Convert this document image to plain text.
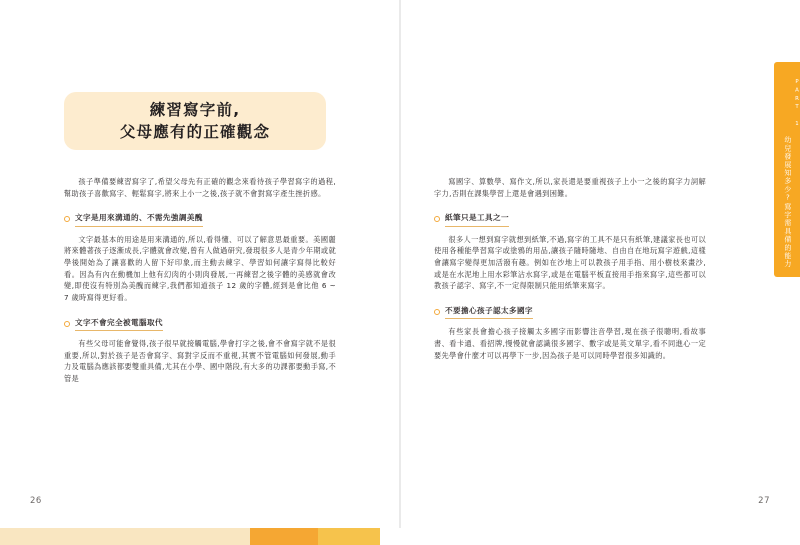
練習寫字前,
父母應有的正確觀念

孩子準備要練習寫字了,希望父母先有正確的觀念來看待孩子學習寫字的過程,幫助孩子喜歡寫字、輕鬆寫字,將來上小一之後,孩子就不會對寫字產生挫折感。

文字是用來溝通的、不需先強調美醜

文字最基本的用途是用來溝通的,所以,看得懂、可以了解意思最重要。美國麗將來體著孩子逐漸成長,字體就會改變,曾有人做過研究,發現很多人是青少年期或就學後開始為了讓喜歡的人留下好印象,而主動去練字、學習如何讓字寫得比較好看。因為有內在動機加上他有幻肉的小則肉發展,一再練習之後字體的美感就會改變,即使沒有特別為美醜而練字,我們都知道孩子 12 歲的字體,經到是會比他 6 ~ 7 歲時寫得更好看。

文字不會完全被電腦取代

有些父母可能會覺得,孩子很早就接觸電腦,學會打字之後,會不會寫字就不是很重要,所以,對於孩子是否會寫字、寫對字反而不重視,其實不管電腦如何發展,動手力及電腦為應該都要雙重具備,尤其在小學、國中階段,有大多的功課都要動手寫,不管是

26

寫國字、算數學、寫作文,所以,家長還是要重視孩子上小一之後的寫字力詞解字力,否則在課集學習上還是會遇到困難。

紙筆只是工具之一

很多人一想到寫字就想到紙筆,不過,寫字的工具不是只有紙筆,建議家長也可以使用各種能學習寫字或塗鴉的用品,讓孩子隨時隨地、自由自在地玩寫字遊戲,這樣會讓寫字變得更加活潑有趣。例如在沙地上可以教孩子用手指、用小樹枝來畫沙,或是在水泥地上用水彩筆沾水寫字,或是在電腦平板直接用手指來寫字,這些都可以教孩子認字、寫字,不一定得限制只能用紙筆來寫字。

不要擔心孩子認太多國字

有些家長會擔心孩子接觸太多國字而影響注音學習,現在孩子很聰明,看故事書、看卡通、看招牌,慢慢就會認識很多國字、數字或是英文單字,看不同進心一定要先學會什麼才可以再學下一步,因為孩子是可以同時學習很多知識的。

27
PART 1
幼兒發展知多少?寫字需具備的能力
